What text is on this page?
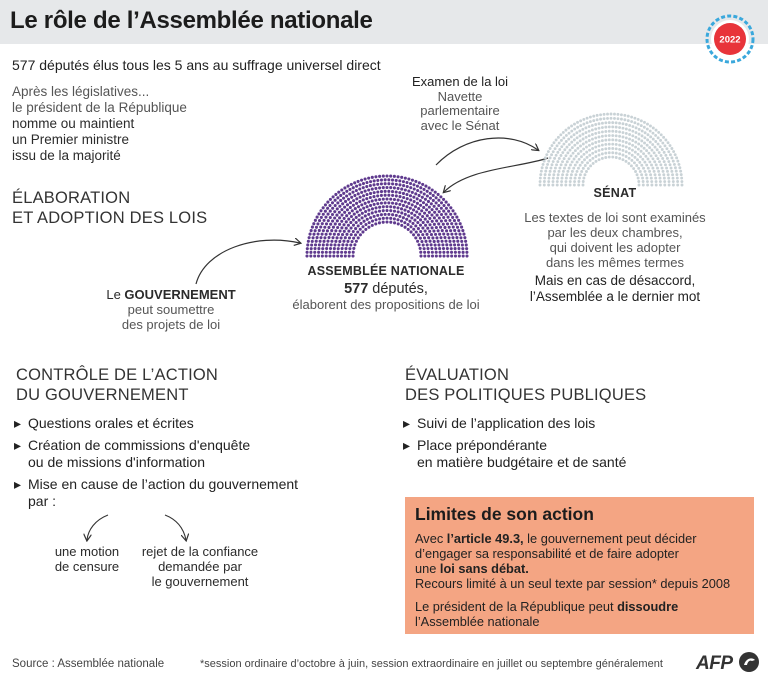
Le rôle de l’Assemblée nationale
2022
577 députés élus tous les 5 ans au suffrage universel direct
Après les législatives...
le président de la République
nomme ou maintient
un Premier ministre
issu de la majorité
ÉLABORATION
ET ADOPTION DES LOIS
Le GOUVERNEMENT
peut soumettre
des projets de loi
ASSEMBLÉE NATIONALE
577 députés,
élaborent des propositions de loi
Examen de la loi
Navette
parlementaire
avec le Sénat
SÉNAT
Les textes de loi sont examinés
par les deux chambres,
qui doivent les adopter
dans les mêmes termes
Mais en cas de désaccord,
l’Assemblée a le dernier mot
CONTRÔLE DE L’ACTION
DU GOUVERNEMENT
▸ Questions orales et écrites
▸ Création de commissions d'enquête
ou de missions d'information
▸ Mise en cause de l’action du gouvernement
par :
une motion
de censure
rejet de la confiance
demandée par
le gouvernement
ÉVALUATION
DES POLITIQUES PUBLIQUES
▸ Suivi de l’application des lois
▸ Place prépondérante
en matière budgétaire et de santé
Limites de son action
Avec l’article 49.3, le gouvernement peut décider
d’engager sa responsabilité et de faire adopter
une loi sans débat.
Recours limité à un seul texte par session* depuis 2008
Le président de la République peut dissoudre
l’Assemblée nationale
Source : Assemblée nationale	*session ordinaire d’octobre à juin, session extraordinaire en juillet ou septembre généralement AFP
